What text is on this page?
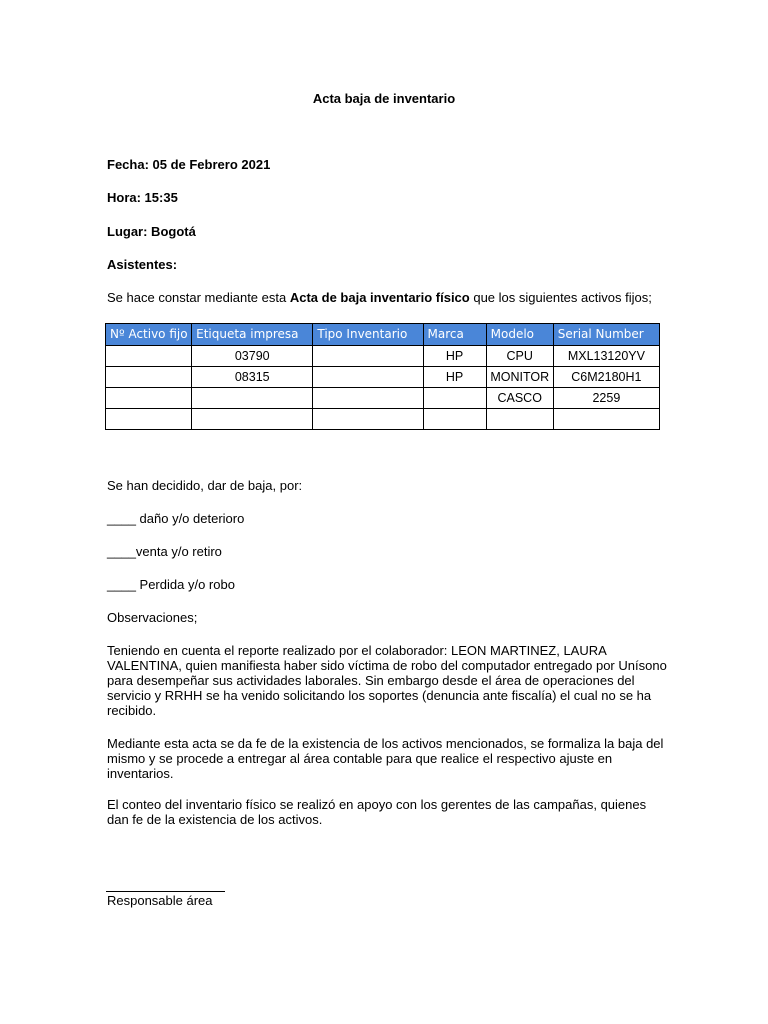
Acta baja de inventario
Fecha: 05 de Febrero 2021
Hora: 15:35
Lugar: Bogotá
Asistentes:
Se hace constar mediante esta Acta de baja inventario físico que los siguientes activos fijos;
Nº Activo fijo	Etiqueta impresa	Tipo Inventario	Marca	Modelo	Serial Number
	03790		HP	CPU	MXL13120YV
	08315		HP	MONITOR	C6M2180H1
				CASCO	2259

Se han decidido, dar de baja, por:
____ daño y/o deterioro
____venta y/o retiro
____ Perdida y/o robo
Observaciones;
Teniendo en cuenta el reporte realizado por el colaborador: LEON MARTINEZ, LAURA VALENTINA, quien manifiesta haber sido víctima de robo del computador entregado por Unísono para desempeñar sus actividades laborales. Sin embargo desde el área de operaciones del servicio y RRHH se ha venido solicitando los soportes (denuncia ante fiscalía) el cual no se ha recibido.
Mediante esta acta se da fe de la existencia de los activos mencionados, se formaliza la baja del mismo y se procede a entregar al área contable para que realice el respectivo ajuste en inventarios.
El conteo del inventario físico se realizó en apoyo con los gerentes de las campañas, quienes dan fe de la existencia de los activos.
Responsable área
